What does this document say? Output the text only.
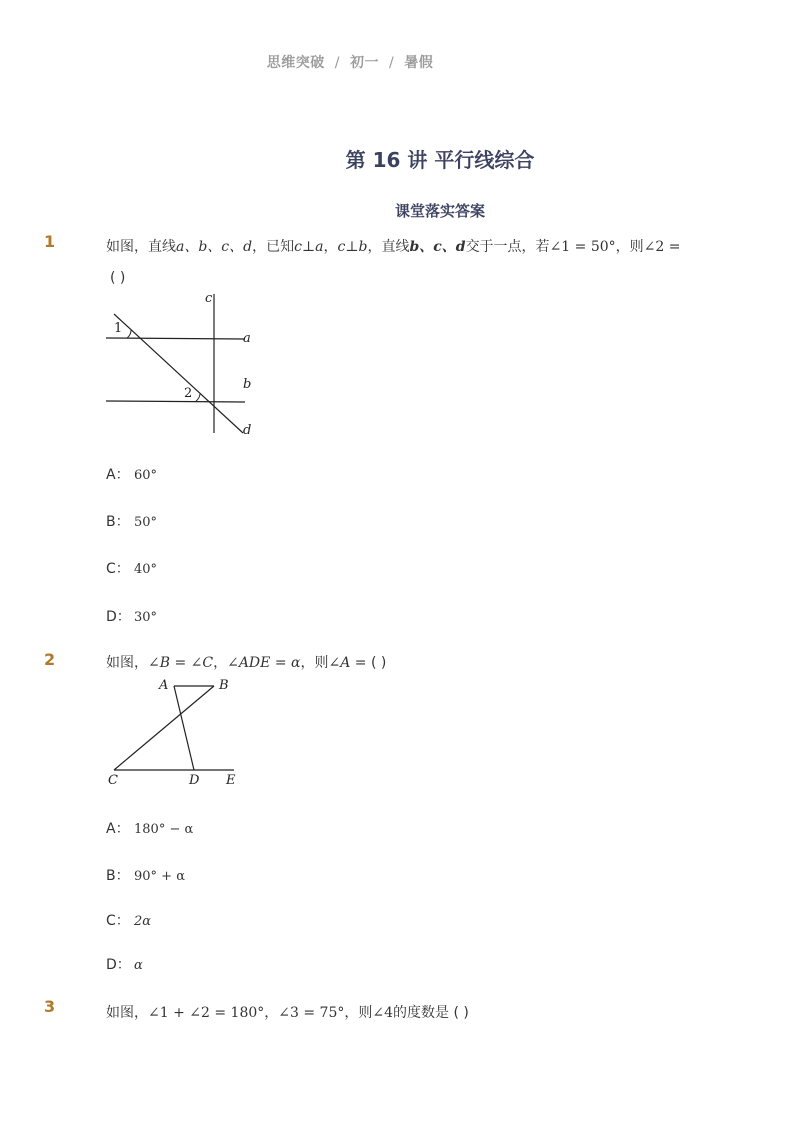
思维突破 / 初一 / 暑假
第 16 讲 平行线综合
课堂落实答案
1	如图，直线a、b、c、d，已知c⊥a，c⊥b，直线b、c、d交于一点，若∠1 = 50°，则∠2 =
( )
c
a
b
d
1
2
A： 60°
B： 50°
C： 40°
D： 30°
2	如图，∠B = ∠C，∠ADE = α，则∠A = ( )
A	B
C	D E
A： 180° − α
B： 90° + α
C： 2α
D： α
3	如图，∠1 + ∠2 = 180°，∠3 = 75°，则∠4的度数是 ( )
